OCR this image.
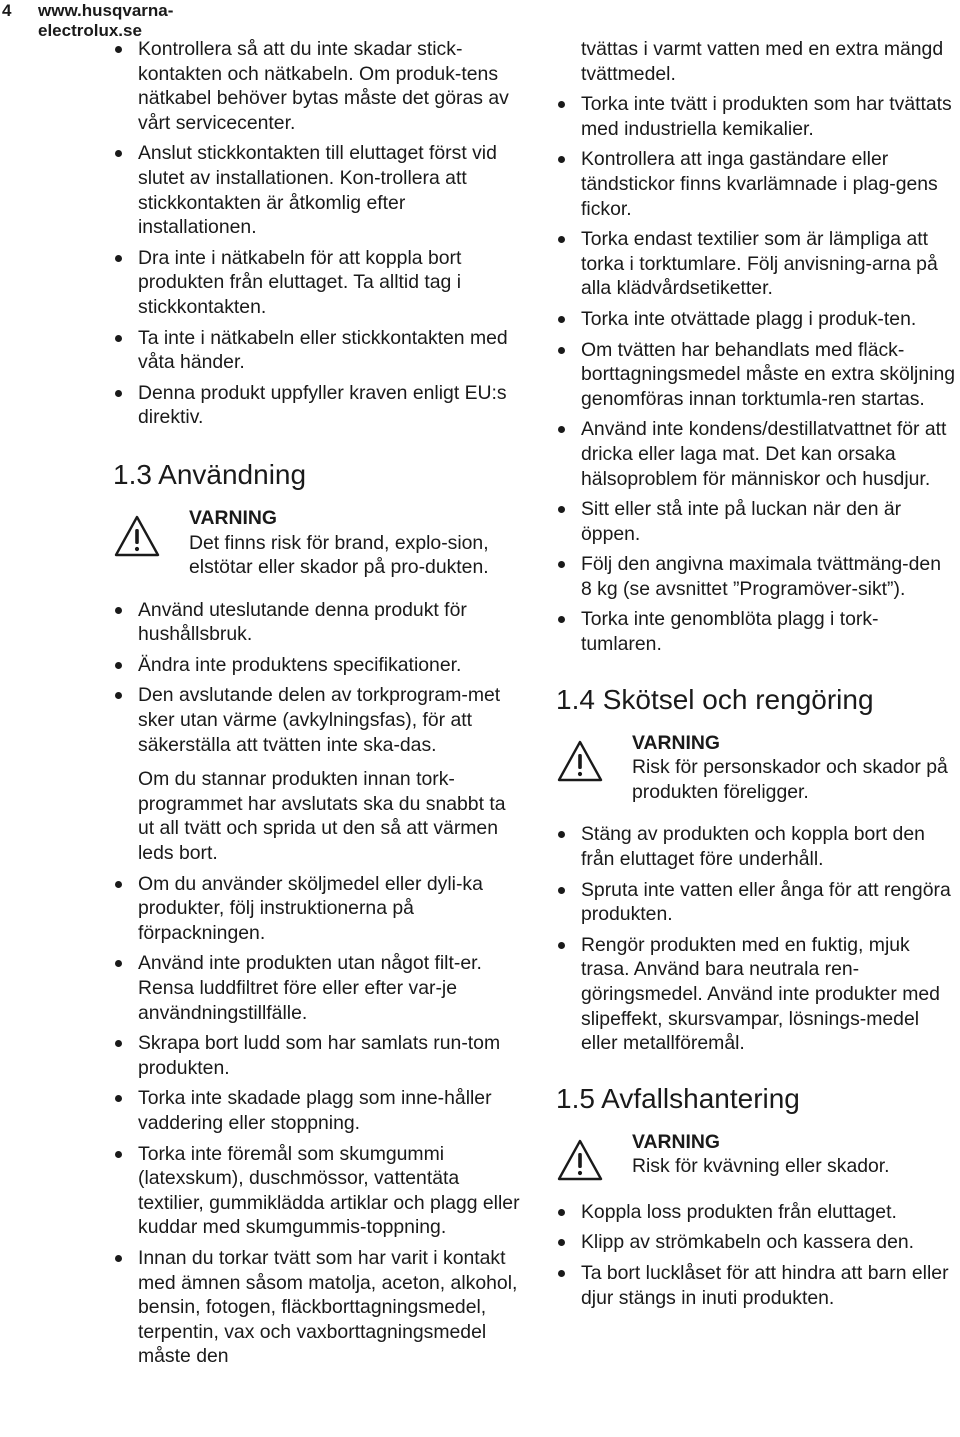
4 www.husqvarna-electrolux.se
Kontrollera så att du inte skadar stick-kontakten och nätkabeln. Om produk-tens nätkabel behöver bytas måste det göras av vårt servicecenter.
Anslut stickkontakten till eluttaget först vid slutet av installationen. Kon-trollera att stickkontakten är åtkomlig efter installationen.
Dra inte i nätkabeln för att koppla bort produkten från eluttaget. Ta alltid tag i stickkontakten.
Ta inte i nätkabeln eller stickkontakten med våta händer.
Denna produkt uppfyller kraven enligt EU:s direktiv.
1.3 Användning
VARNING
Det finns risk för brand, explo-sion, elstötar eller skador på pro-dukten.
Använd uteslutande denna produkt för hushållsbruk.
Ändra inte produktens specifikationer.
Den avslutande delen av torkprogram-met sker utan värme (avkylningsfas), för att säkerställa att tvätten inte ska-das.

Om du stannar produkten innan tork-programmet har avslutats ska du snabbt ta ut all tvätt och sprida ut den så att värmen leds bort.

Om du använder sköljmedel eller dyli-ka produkter, följ instruktionerna på förpackningen.
Använd inte produkten utan något filt-er. Rensa luddfiltret före eller efter var-je användningstillfälle.
Skrapa bort ludd som har samlats run-tom produkten.
Torka inte skadade plagg som inne-håller vaddering eller stoppning.
Torka inte föremål som skumgummi (latexskum), duschmössor, vattentäta textilier, gummiklädda artiklar och plagg eller kuddar med skumgummis-toppning.
Innan du torkar tvätt som har varit i kontakt med ämnen såsom matolja, aceton, alkohol, bensin, fotogen, fläckborttagningsmedel, terpentin, vax och vaxborttagningsmedel måste den

tvättas i varmt vatten med en extra mängd tvättmedel.

Torka inte tvätt i produkten som har tvättats med industriella kemikalier.
Kontrollera att inga gaständare eller tändstickor finns kvarlämnade i plag-gens fickor.
Torka endast textilier som är lämpliga att torka i torktumlare. Följ anvisning-arna på alla klädvårdsetiketter.
Torka inte otvättade plagg i produk-ten.
Om tvätten har behandlats med fläck-borttagningsmedel måste en extra sköljning genomföras innan torktumla-ren startas.
Använd inte kondens/destillatvattnet för att dricka eller laga mat. Det kan orsaka hälsoproblem för människor och husdjur.
Sitt eller stå inte på luckan när den är öppen.
Följ den angivna maximala tvättmäng-den 8 kg (se avsnittet ”Programöver-sikt”).
Torka inte genomblöta plagg i tork-tumlaren.
1.4 Skötsel och rengöring
VARNING
Risk för personskador och skador på produkten föreligger.
Stäng av produkten och koppla bort den från eluttaget före underhåll.
Spruta inte vatten eller ånga för att rengöra produkten.
Rengör produkten med en fuktig, mjuk trasa. Använd bara neutrala ren-göringsmedel. Använd inte produkter med slipeffekt, skursvampar, lösnings-medel eller metallföremål.
1.5 Avfallshantering
VARNING
Risk för kvävning eller skador.
Koppla loss produkten från eluttaget.
Klipp av strömkabeln och kassera den.
Ta bort lucklåset för att hindra att barn eller djur stängs in inuti produkten.
